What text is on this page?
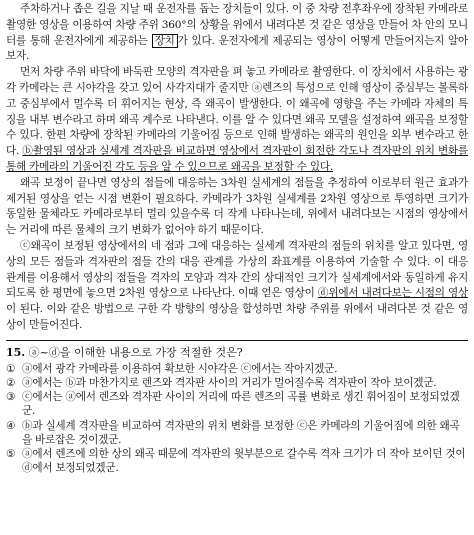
주차하거나 좁은 길을 지날 때 운전자를 돕는 장치들이 있다. 이 중 차량 전후좌우에 장착된 카메라로 촬영한 영상을 이용하여 차량 주위 360°의 상황을 위에서 내려다본 것 같은 영상을 만들어 차 안의 모니터를 통해 운전자에게 제공하는 장치 가 있다. 운전자에게 제공되는 영상이 어떻게 만들어지는지 알아보자.

먼저 차량 주위 바닥에 바둑판 모양의 격자판을 펴 놓고 카메라로 촬영한다. 이 장치에서 사용하는 광각 카메라는 큰 시야각을 갖고 있어 사각지대가 줄지만 ⓐ렌즈의 특성으로 인해 영상이 중심부는 볼록하고 중심부에서 멀수록 더 휘어지는 현상, 즉 왜곡이 발생한다. 이 왜곡에 영향을 주는 카메라 자체의 특징을 내부 변수라고 하며 왜곡 계수로 나타낸다. 이를 알 수 있다면 왜곡 모델을 설정하여 왜곡을 보정할 수 있다. 한편 차량에 장착된 카메라의 기울어짐 등으로 인해 발생하는 왜곡의 원인을 외부 변수라고 한다. ⓑ촬영된 영상과 실세계 격자판을 비교하면 영상에서 격자판이 회전한 각도나 격자판의 위치 변화를 통해 카메라의 기울어진 각도 등을 알 수 있으므로 왜곡을 보정할 수 있다.

왜곡 보정이 끝나면 영상의 점들에 대응하는 3차원 실세계의 점들을 추정하여 이로부터 원근 효과가 제거된 영상을 얻는 시점 변환이 필요하다. 카메라가 3차원 실세계를 2차원 영상으로 투영하면 크기가 동일한 물체라도 카메라로부터 멀리 있을수록 더 작게 나타나는데, 위에서 내려다보는 시점의 영상에서는 거리에 따른 물체의 크기 변화가 없어야 하기 때문이다.

ⓒ왜곡이 보정된 영상에서의 네 점과 그에 대응하는 실세계 격자판의 점들의 위치를 알고 있다면, 영상의 모든 점들과 격자판의 점들 간의 대응 관계를 가상의 좌표계를 이용하여 기술할 수 있다. 이 대응 관계를 이용해서 영상의 점들을 격자의 모양과 격자 간의 상대적인 크기가 실세계에서와 동일하게 유지되도록 한 평면에 놓으면 2차원 영상으로 나타난다. 이때 얻은 영상이 ⓓ위에서 내려다보는 시점의 영상이 된다. 이와 같은 방법으로 구한 각 방향의 영상을 합성하면 차량 주위를 위에서 내려다본 것 같은 영상이 만들어진다.

15. ⓐ~ⓓ을 이해한 내용으로 가장 적절한 것은?
① ⓐ에서 광각 카메라를 이용하여 확보한 시야각은 ⓒ에서는 작아지겠군.
② ⓐ에서는 ⓑ과 마찬가지로 렌즈와 격자판 사이의 거리가 멀어질수록 격자판이 작아 보이겠군.
③ ⓒ에서는 ⓐ에서 렌즈와 격자판 사이의 거리에 따른 렌즈의 곡률 변화로 생긴 휘어짐이 보정되었겠군.
④ ⓑ과 실세계 격자판을 비교하여 격자판의 위치 변화를 보정한 ⓒ은 카메라의 기울어짐에 의한 왜곡을 바로잡은 것이겠군.
⑤ ⓐ에서 렌즈에 의한 상의 왜곡 때문에 격자판의 윗부분으로 갈수록 격자 크기가 더 작아 보이던 것이 ⓓ에서 보정되었겠군.
